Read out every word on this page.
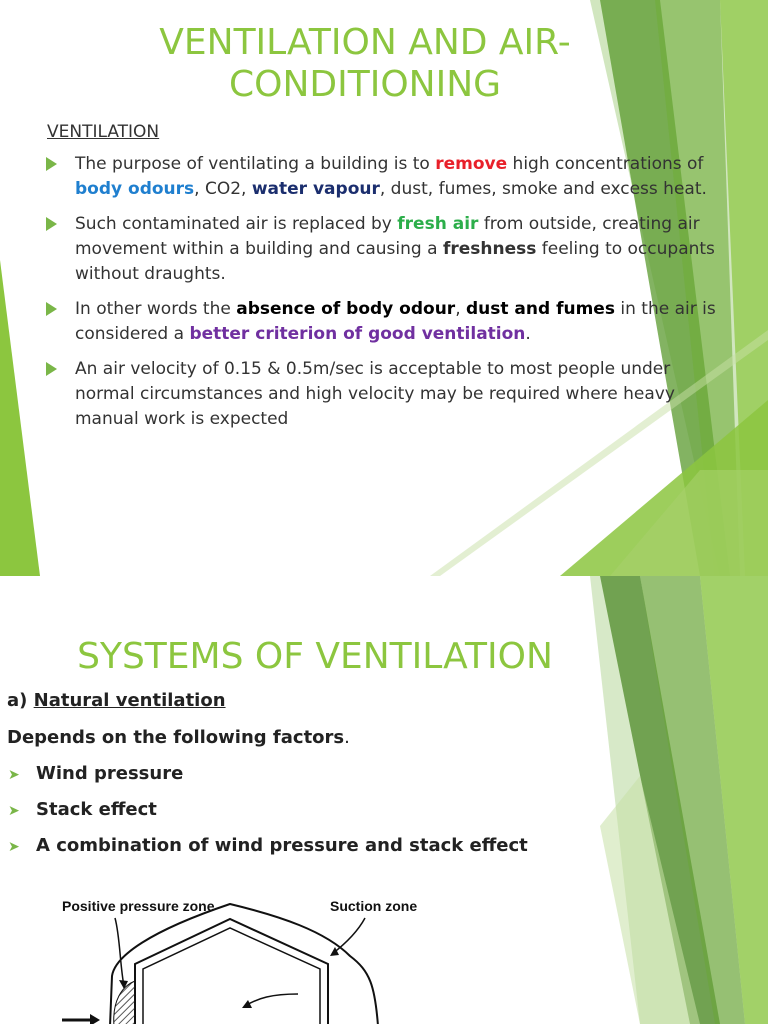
VENTILATION AND AIR-CONDITIONING
VENTILATION
The purpose of ventilating a building is to remove high concentrations of body odours, CO2, water vapour, dust, fumes, smoke and excess heat.
Such contaminated air is replaced by fresh air from outside, creating air movement within a building and causing a freshness feeling to occupants without draughts.
In other words the absence of body odour, dust and fumes in the air is considered a better criterion of good ventilation.
An air velocity of 0.15 & 0.5m/sec is acceptable to most people under normal circumstances and high velocity may be required where heavy manual work is expected
SYSTEMS OF VENTILATION
a) Natural ventilation
Depends on the following factors.
➤ Wind pressure
➤ Stack effect
➤ A combination of wind pressure and stack effect
Positive pressure zone	Suction zone
